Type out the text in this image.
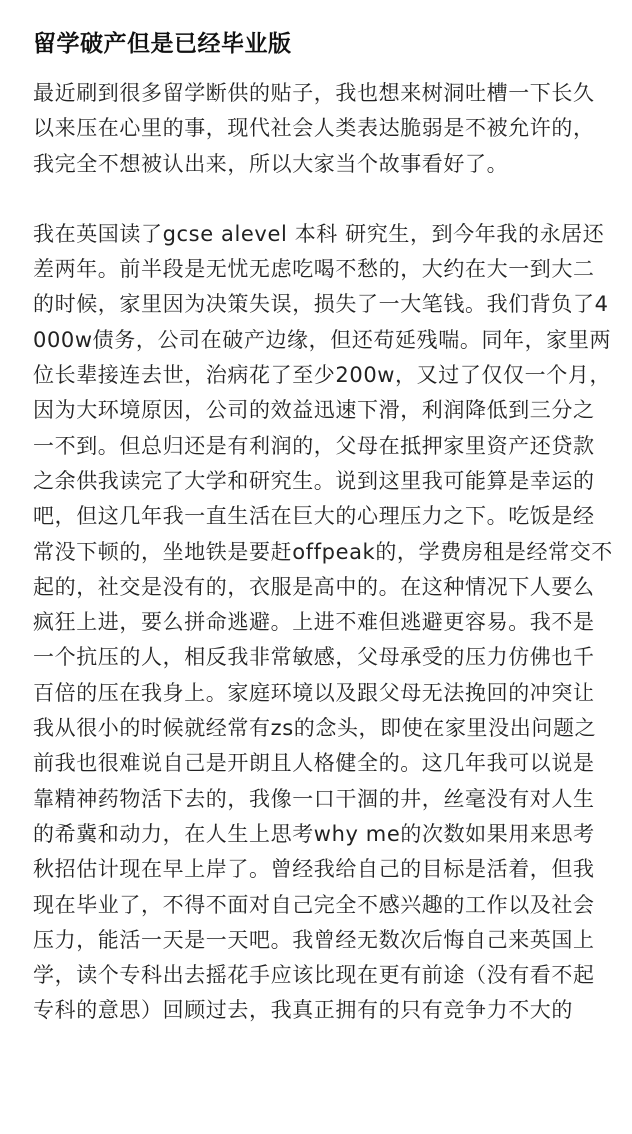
留学破产但是已经毕业版

最近刷到很多留学断供的贴子，我也想来树洞吐槽一下长久以来压在心里的事，现代社会人类表达脆弱是不被允许的，我完全不想被认出来，所以大家当个故事看好了。

我在英国读了gcse alevel 本科 研究生，到今年我的永居还差两年。前半段是无忧无虑吃喝不愁的，大约在大一到大二的时候，家里因为决策失误，损失了一大笔钱。我们背负了4000w债务，公司在破产边缘，但还苟延残喘。同年，家里两位长辈接连去世，治病花了至少200w，又过了仅仅一个月，因为大环境原因，公司的效益迅速下滑，利润降低到三分之一不到。但总归还是有利润的，父母在抵押家里资产还贷款之余供我读完了大学和研究生。说到这里我可能算是幸运的吧，但这几年我一直生活在巨大的心理压力之下。吃饭是经常没下顿的，坐地铁是要赶offpeak的，学费房租是经常交不起的，社交是没有的，衣服是高中的。在这种情况下人要么疯狂上进，要么拼命逃避。上进不难但逃避更容易。我不是一个抗压的人，相反我非常敏感，父母承受的压力仿佛也千百倍的压在我身上。家庭环境以及跟父母无法挽回的冲突让我从很小的时候就经常有zs的念头，即使在家里没出问题之前我也很难说自己是开朗且人格健全的。这几年我可以说是靠精神药物活下去的，我像一口干涸的井，丝毫没有对人生的希冀和动力，在人生上思考why me的次数如果用来思考秋招估计现在早上岸了。曾经我给自己的目标是活着，但我现在毕业了，不得不面对自己完全不感兴趣的工作以及社会压力，能活一天是一天吧。我曾经无数次后悔自己来英国上学，读个专科出去摇花手应该比现在更有前途（没有看不起专科的意思）回顾过去，我真正拥有的只有竞争力不大的
